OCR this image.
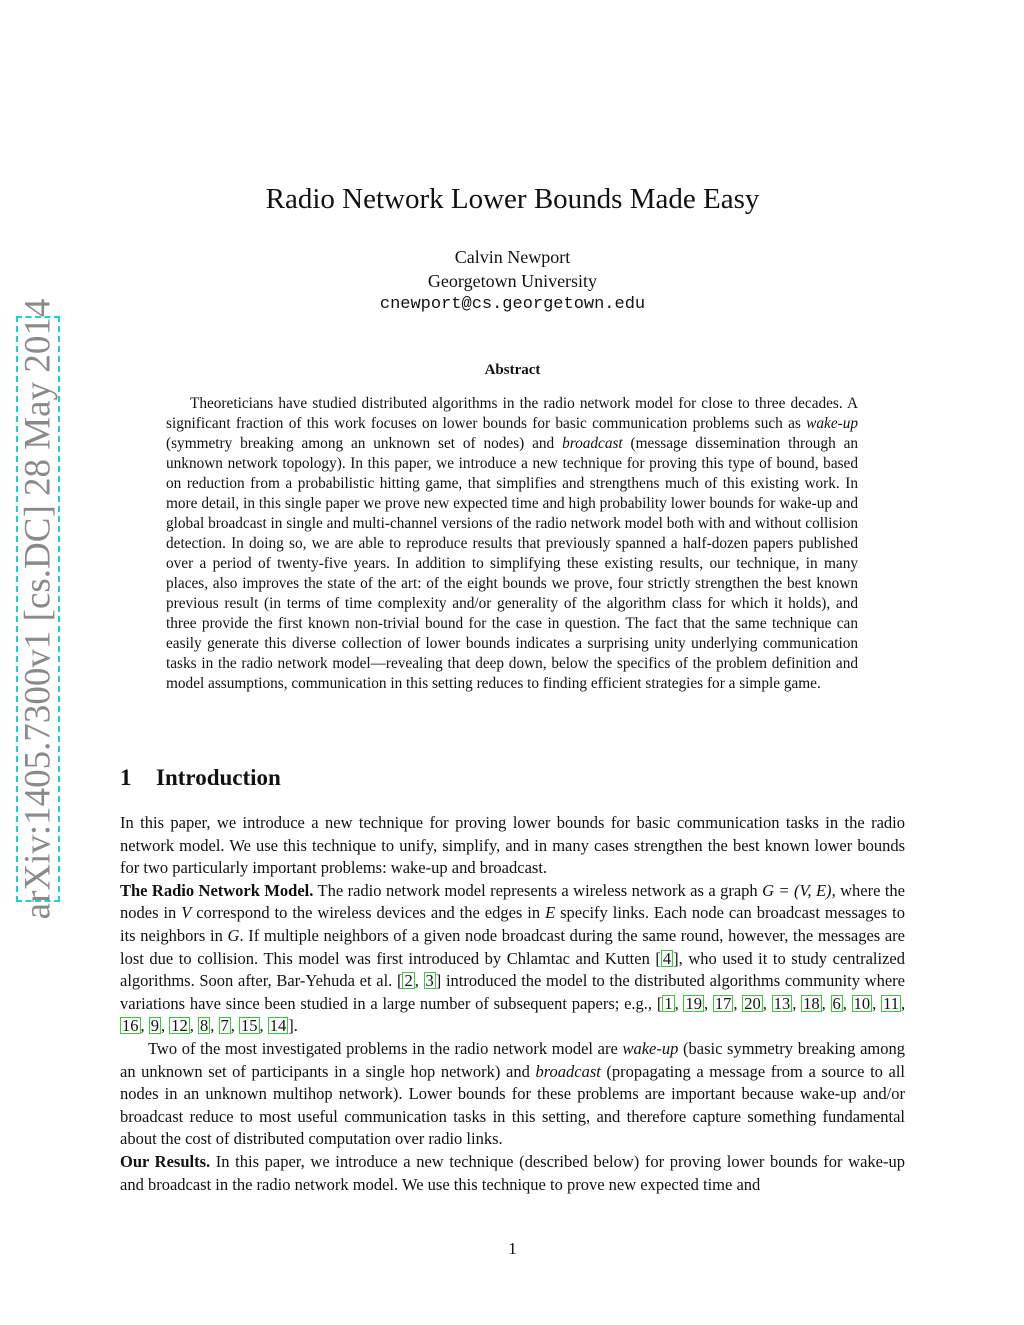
arXiv:1405.7300v1 [cs.DC] 28 May 2014
Radio Network Lower Bounds Made Easy
Calvin Newport
Georgetown University
cnewport@cs.georgetown.edu
Abstract

Theoreticians have studied distributed algorithms in the radio network model for close to three decades. A significant fraction of this work focuses on lower bounds for basic communication problems such as wake-up (symmetry breaking among an unknown set of nodes) and broadcast (message dissemination through an unknown network topology). In this paper, we introduce a new technique for proving this type of bound, based on reduction from a probabilistic hitting game, that simplifies and strengthens much of this existing work. In more detail, in this single paper we prove new expected time and high probability lower bounds for wake-up and global broadcast in single and multi-channel versions of the radio network model both with and without collision detection. In doing so, we are able to reproduce results that previously spanned a half-dozen papers published over a period of twenty-five years. In addition to simplifying these existing results, our technique, in many places, also improves the state of the art: of the eight bounds we prove, four strictly strengthen the best known previous result (in terms of time complexity and/or generality of the algorithm class for which it holds), and three provide the first known non-trivial bound for the case in question. The fact that the same technique can easily generate this diverse collection of lower bounds indicates a surprising unity underlying communication tasks in the radio network model—revealing that deep down, below the specifics of the problem definition and model assumptions, communication in this setting reduces to finding efficient strategies for a simple game.

1 Introduction

In this paper, we introduce a new technique for proving lower bounds for basic communication tasks in the radio network model. We use this technique to unify, simplify, and in many cases strengthen the best known lower bounds for two particularly important problems: wake-up and broadcast.

The Radio Network Model. The radio network model represents a wireless network as a graph G = (V, E), where the nodes in V correspond to the wireless devices and the edges in E specify links. Each node can broadcast messages to its neighbors in G. If multiple neighbors of a given node broadcast during the same round, however, the messages are lost due to collision. This model was first introduced by Chlamtac and Kutten [ 4 ], who used it to study centralized algorithms. Soon after, Bar-Yehuda et al. [ 2 , 3 ] introduced the model to the distributed algorithms community where variations have since been studied in a large number of subsequent papers; e.g., [ 1 , 19 , 17 , 20 , 13 , 18 , 6 , 10 , 11 , 16 , 9 , 12 , 8 , 7 , 15 , 14 ].

Two of the most investigated problems in the radio network model are wake-up (basic symmetry breaking among an unknown set of participants in a single hop network) and broadcast (propagating a message from a source to all nodes in an unknown multihop network). Lower bounds for these problems are important because wake-up and/or broadcast reduce to most useful communication tasks in this setting, and therefore capture something fundamental about the cost of distributed computation over radio links.

Our Results. In this paper, we introduce a new technique (described below) for proving lower bounds for wake-up and broadcast in the radio network model. We use this technique to prove new expected time and

1
